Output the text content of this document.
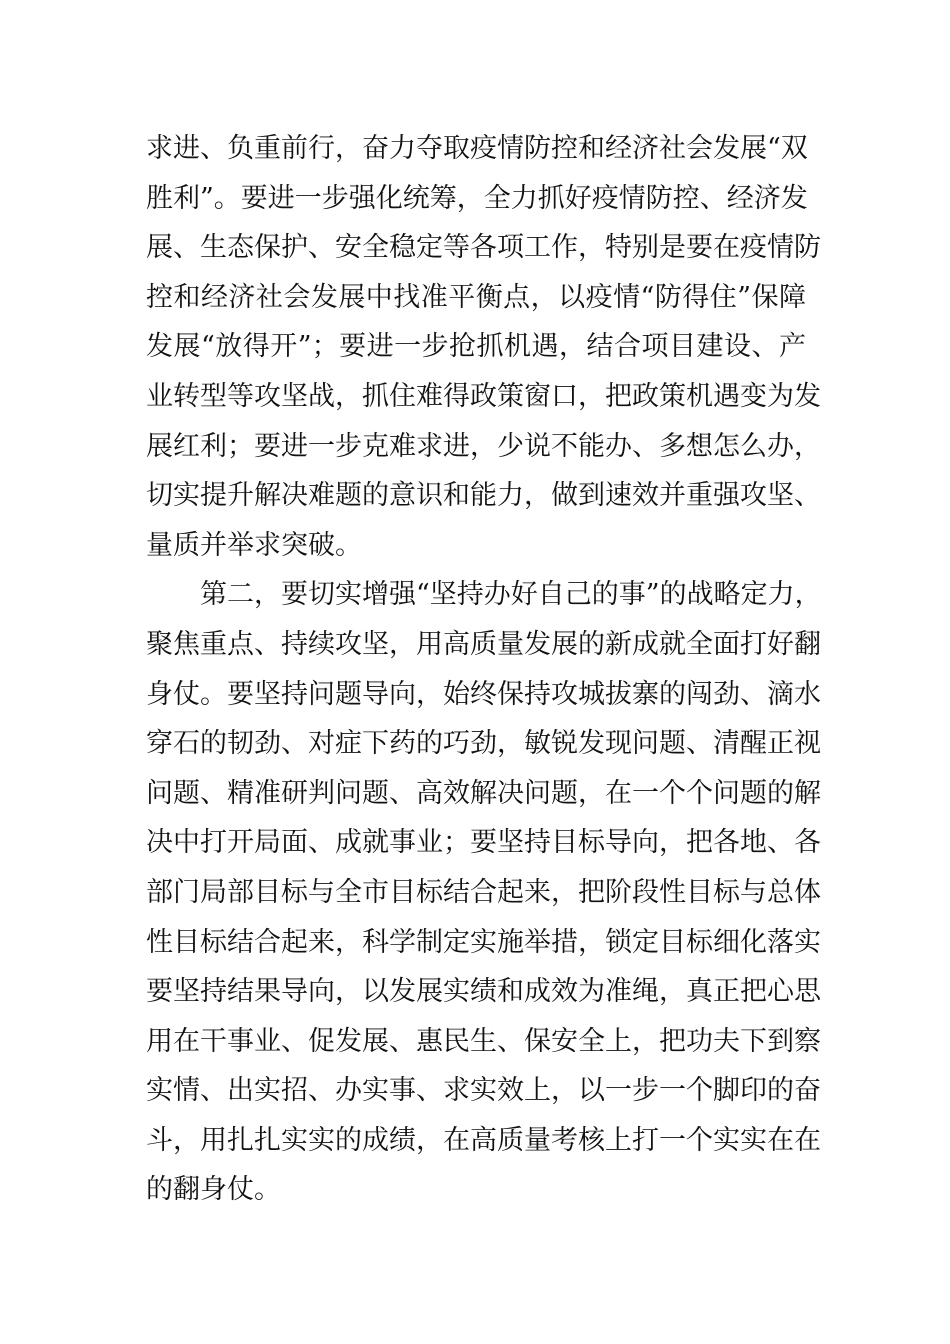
求进、负重前行，奋力夺取疫情防控和经济社会发展“双
胜利”。要进一步强化统筹，全力抓好疫情防控、经济发
展、生态保护、安全稳定等各项工作，特别是要在疫情防
控和经济社会发展中找准平衡点，以疫情“防得住”保障
发展“放得开”；要进一步抢抓机遇，结合项目建设、产
业转型等攻坚战，抓住难得政策窗口，把政策机遇变为发
展红利；要进一步克难求进，少说不能办、多想怎么办，
切实提升解决难题的意识和能力，做到速效并重强攻坚、
量质并举求突破。
　　第二，要切实增强“坚持办好自己的事”的战略定力，
聚焦重点、持续攻坚，用高质量发展的新成就全面打好翻
身仗。要坚持问题导向，始终保持攻城拔寨的闯劲、滴水
穿石的韧劲、对症下药的巧劲，敏锐发现问题、清醒正视
问题、精准研判问题、高效解决问题，在一个个问题的解
决中打开局面、成就事业；要坚持目标导向，把各地、各
部门局部目标与全市目标结合起来，把阶段性目标与总体
性目标结合起来，科学制定实施举措，锁定目标细化落实
要坚持结果导向，以发展实绩和成效为准绳，真正把心思
用在干事业、促发展、惠民生、保安全上，把功夫下到察
实情、出实招、办实事、求实效上，以一步一个脚印的奋
斗，用扎扎实实的成绩，在高质量考核上打一个实实在在
的翻身仗。
